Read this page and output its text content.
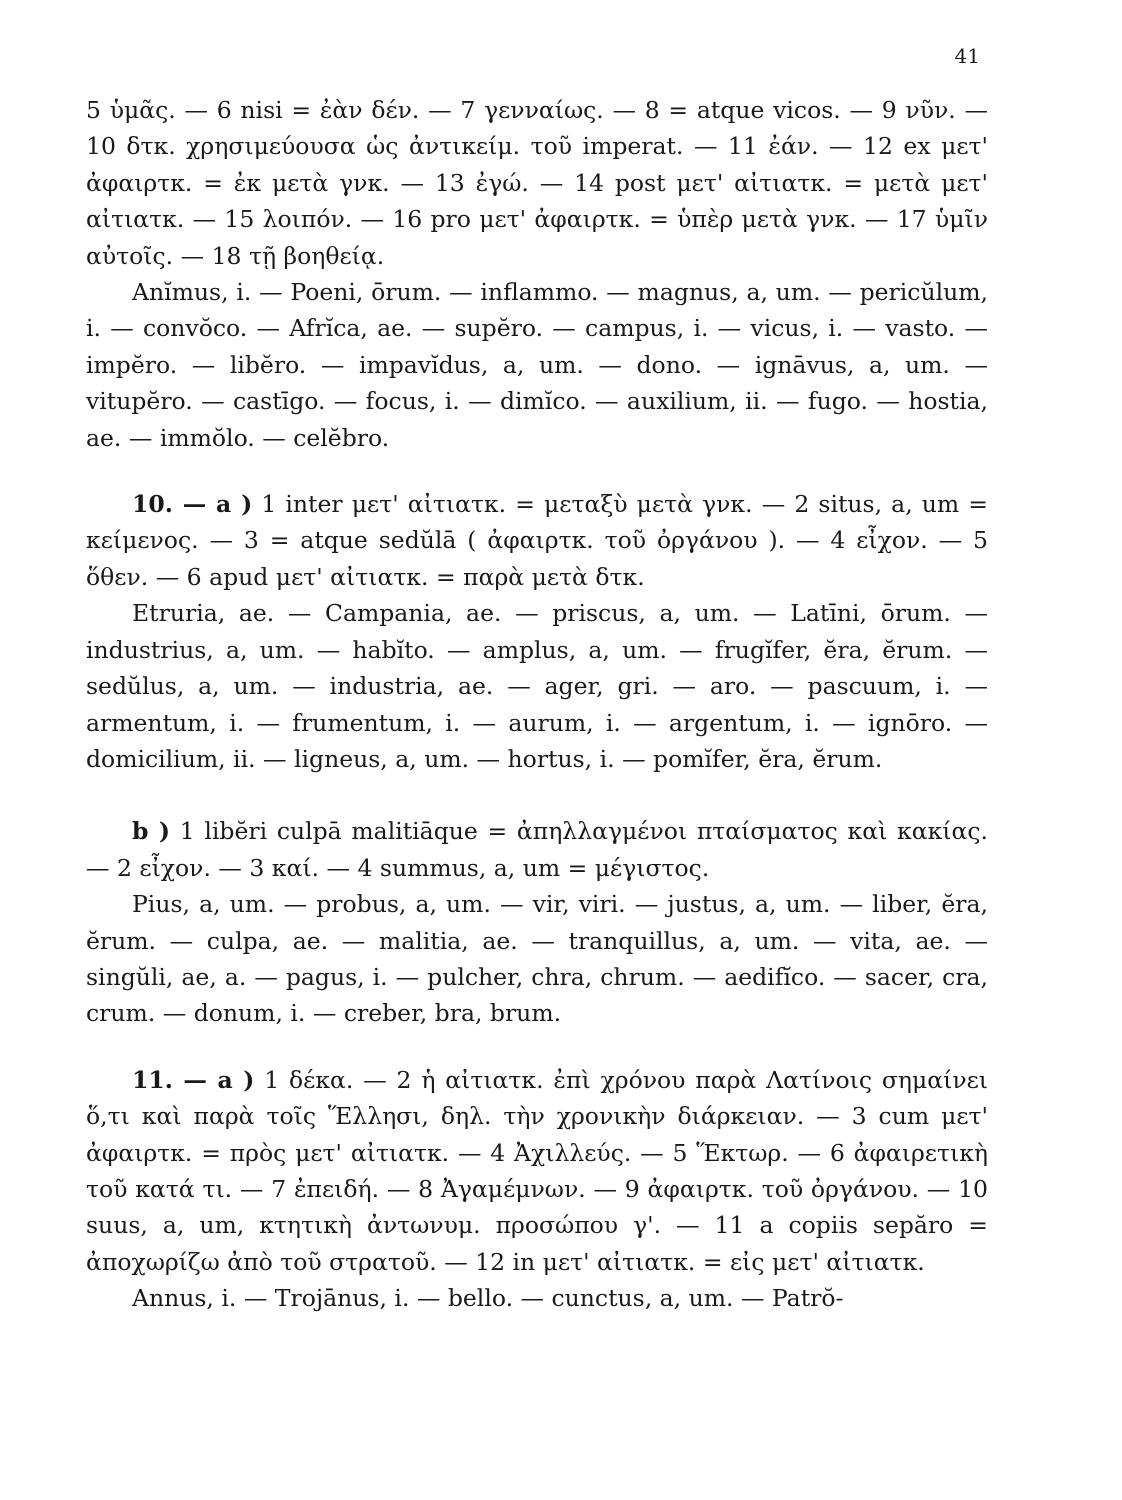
41

5 ὑμᾶς. — 6 nisi = ἐὰν δέν. — 7 γενναίως. — 8 = atque vicos. — 9 νῦν. — 10 δτκ. χρησιμεύουσα ὡς ἀντικείμ. τοῦ imperat. — 11 ἐάν. — 12 ex μετ' ἀφαιρτκ. = ἐκ μετὰ γνκ. — 13 ἐγώ. — 14 post μετ' αἰτιατκ. = μετὰ μετ' αἰτιατκ. — 15 λοιπόν. — 16 pro μετ' ἀφαιρτκ. = ὑπὲρ μετὰ γνκ. — 17 ὑμῖν αὐτοῖς. — 18 τῇ βοηθείᾳ.

Anĭmus, i. — Poeni, ōrum. — inflammo. — magnus, a, um. — pericŭlum, i. — convŏco. — Afrĭca, ae. — supĕro. — campus, i. — vicus, i. — vasto. — impĕro. — libĕro. — impavĭdus, a, um. — dono. — ignāvus, a, um. — vitupĕro. — castīgo. — focus, i. — dimĭco. — auxilium, ii. — fugo. — hostia, ae. — immŏlo. — celĕbro.

10. — a ) 1 inter μετ' αἰτιατκ. = μεταξὺ μετὰ γνκ. — 2 situs, a, um = κείμενος. — 3 = atque sedŭlā ( ἀφαιρτκ. τοῦ ὀργάνου ). — 4 εἶχον. — 5 ὅθεν. — 6 apud μετ' αἰτιατκ. = παρὰ μετὰ δτκ.

Etruria, ae. — Campania, ae. — priscus, a, um. — Latīni, ōrum. — industrius, a, um. — habĭto. — amplus, a, um. — frugĭfer, ĕra, ĕrum. — sedŭlus, a, um. — industria, ae. — ager, gri. — aro. — pascuum, i. — armentum, i. — frumentum, i. — aurum, i. — argentum, i. — ignōro. — domicilium, ii. — ligneus, a, um. — hortus, i. — pomĭfer, ĕra, ĕrum.

b ) 1 libĕri culpā malitiāque = ἀπηλλαγμένοι πταίσματος καὶ κακίας. — 2 εἶχον. — 3 καί. — 4 summus, a, um = μέγιστος.

Pius, a, um. — probus, a, um. — vir, viri. — justus, a, um. — liber, ĕra, ĕrum. — culpa, ae. — malitia, ae. — tranquillus, a, um. — vita, ae. — singŭli, ae, a. — pagus, i. — pulcher, chra, chrum. — aedifĭco. — sacer, cra, crum. — donum, i. — creber, bra, brum.

11. — a ) 1 δέκα. — 2 ἡ αἰτιατκ. ἐπὶ χρόνου παρὰ Λατίνοις σημαίνει ὅ,τι καὶ παρὰ τοῖς Ἕλλησι, δηλ. τὴν χρονικὴν διάρκειαν. — 3 cum μετ' ἀφαιρτκ. = πρὸς μετ' αἰτιατκ. — 4 Ἀχιλλεύς. — 5 Ἕκτωρ. — 6 ἀφαιρετικὴ τοῦ κατά τι. — 7 ἐπειδή. — 8 Ἀγαμέμνων. — 9 ἀφαιρτκ. τοῦ ὀργάνου. — 10 suus, a, um, κτητικὴ ἀντωνυμ. προσώπου γ'. — 11 a copiis sepăro = ἀποχωρίζω ἀπὸ τοῦ στρατοῦ. — 12 in μετ' αἰτιατκ. = εἰς μετ' αἰτιατκ.

Annus, i. — Trojānus, i. — bello. — cunctus, a, um. — Patrŏ-
